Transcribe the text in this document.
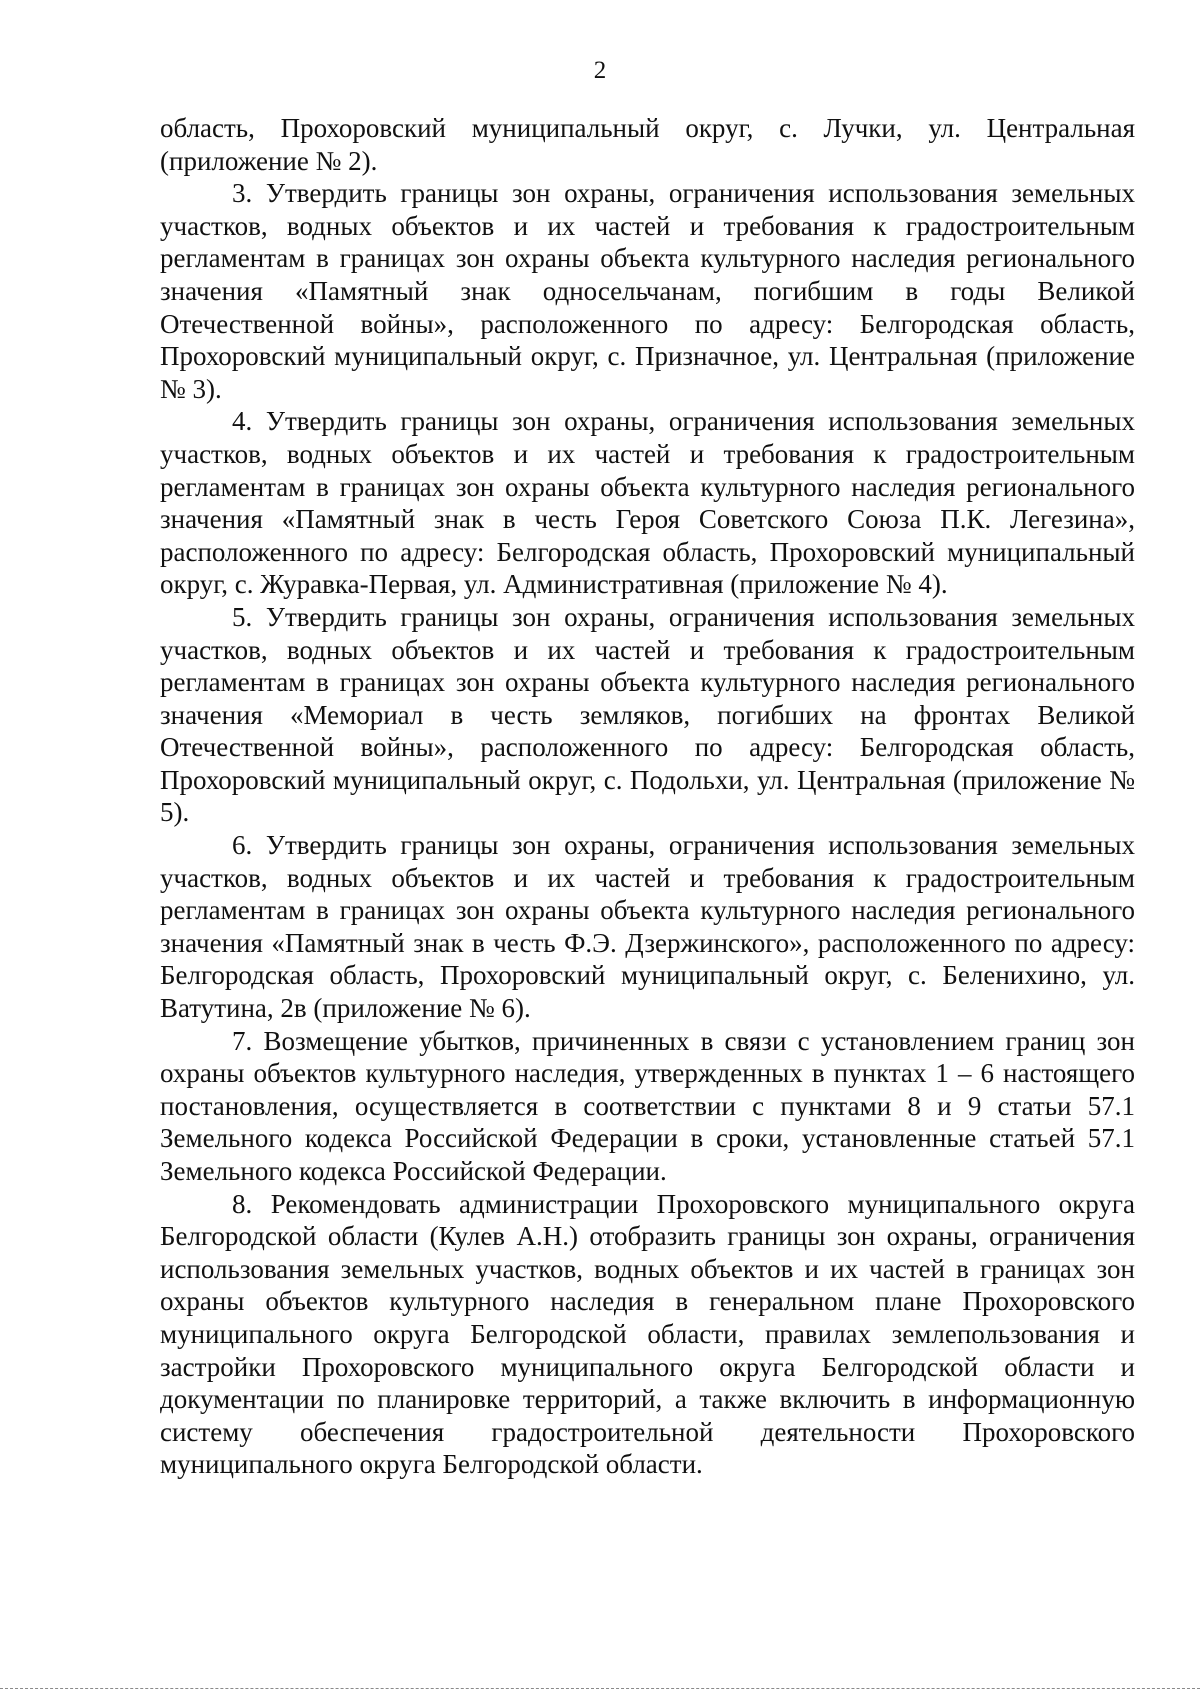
2

область, Прохоровский муниципальный округ, с. Лучки, ул. Центральная (приложение № 2).

3. Утвердить границы зон охраны, ограничения использования земельных участков, водных объектов и их частей и требования к градостроительным регламентам в границах зон охраны объекта культурного наследия регионального значения «Памятный знак односельчанам, погибшим в годы Великой Отечественной войны», расположенного по адресу: Белгородская область, Прохоровский муниципальный округ, с. Призначное, ул. Центральная (приложение № 3).

4. Утвердить границы зон охраны, ограничения использования земельных участков, водных объектов и их частей и требования к градостроительным регламентам в границах зон охраны объекта культурного наследия регионального значения «Памятный знак в честь Героя Советского Союза П.К. Легезина», расположенного по адресу: Белгородская область, Прохоровский муниципальный округ, с. Журавка-Первая, ул. Административная (приложение № 4).

5. Утвердить границы зон охраны, ограничения использования земельных участков, водных объектов и их частей и требования к градостроительным регламентам в границах зон охраны объекта культурного наследия регионального значения «Мемориал в честь земляков, погибших на фронтах Великой Отечественной войны», расположенного по адресу: Белгородская область, Прохоровский муниципальный округ, с. Подольхи, ул. Центральная (приложение № 5).

6. Утвердить границы зон охраны, ограничения использования земельных участков, водных объектов и их частей и требования к градостроительным регламентам в границах зон охраны объекта культурного наследия регионального значения «Памятный знак в честь Ф.Э. Дзержинского», расположенного по адресу: Белгородская область, Прохоровский муниципальный округ, с. Беленихино, ул. Ватутина, 2в (приложение № 6).

7. Возмещение убытков, причиненных в связи с установлением границ зон охраны объектов культурного наследия, утвержденных в пунктах 1 – 6 настоящего постановления, осуществляется в соответствии с пунктами 8 и 9 статьи 57.1 Земельного кодекса Российской Федерации в сроки, установленные статьей 57.1 Земельного кодекса Российской Федерации.

8. Рекомендовать администрации Прохоровского муниципального округа Белгородской области (Кулев А.Н.) отобразить границы зон охраны, ограничения использования земельных участков, водных объектов и их частей в границах зон охраны объектов культурного наследия в генеральном плане Прохоровского муниципального округа Белгородской области, правилах землепользования и застройки Прохоровского муниципального округа Белгородской области и документации по планировке территорий, а также включить в информационную систему обеспечения градостроительной деятельности Прохоровского муниципального округа Белгородской области.
